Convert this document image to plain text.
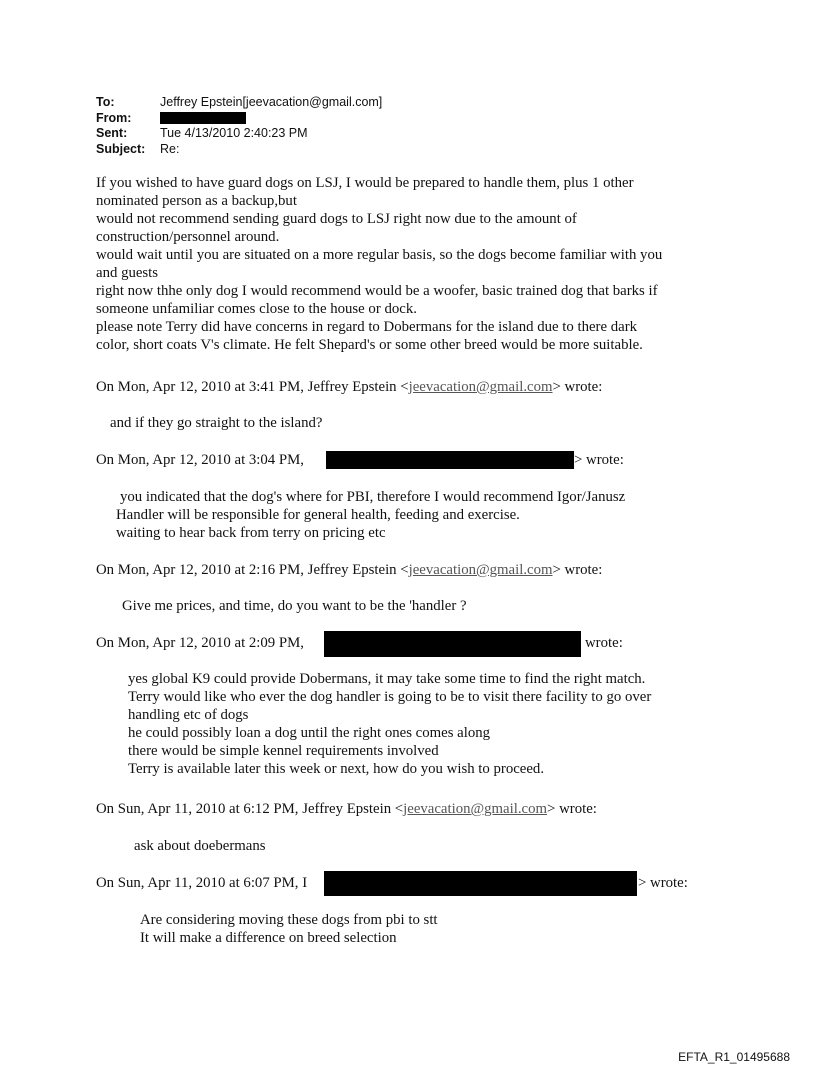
To:	Jeffrey Epstein[jeevacation@gmail.com]
From:
Sent:	Tue 4/13/2010 2:40:23 PM
Subject:	Re:
If you wished to have guard dogs on LSJ, I would be prepared to handle them, plus 1 other
nominated person as a backup,but
would not recommend sending guard dogs to LSJ right now due to the amount of
construction/personnel around.
would wait until you are situated on a more regular basis, so the dogs become familiar with you
and guests
right now thhe only dog I would recommend would be a woofer, basic trained dog that barks if
someone unfamiliar comes close to the house or dock.
please note Terry did have concerns in regard to Dobermans for the island due to there dark
color, short coats V's climate. He felt Shepard's or some other breed would be more suitable.
On Mon, Apr 12, 2010 at 3:41 PM, Jeffrey Epstein <jeevacation@gmail.com> wrote:
and if they go straight to the island?
On Mon, Apr 12, 2010 at 3:04 PM,	> wrote:
you indicated that the dog's where for PBI, therefore I would recommend Igor/Janusz
Handler will be responsible for general health, feeding and exercise.
waiting to hear back from terry on pricing etc
On Mon, Apr 12, 2010 at 2:16 PM, Jeffrey Epstein <jeevacation@gmail.com> wrote:
Give me prices, and time, do you want to be the 'handler ?
On Mon, Apr 12, 2010 at 2:09 PM,	wrote:
yes global K9 could provide Dobermans, it may take some time to find the right match.
Terry would like who ever the dog handler is going to be to visit there facility to go over
handling etc of dogs
he could possibly loan a dog until the right ones comes along
there would be simple kennel requirements involved
Terry is available later this week or next, how do you wish to proceed.
On Sun, Apr 11, 2010 at 6:12 PM, Jeffrey Epstein <jeevacation@gmail.com> wrote:
ask about doebermans
On Sun, Apr 11, 2010 at 6:07 PM, I	> wrote:
Are considering moving these dogs from pbi to stt
It will make a difference on breed selection
EFTA_R1_01495688
